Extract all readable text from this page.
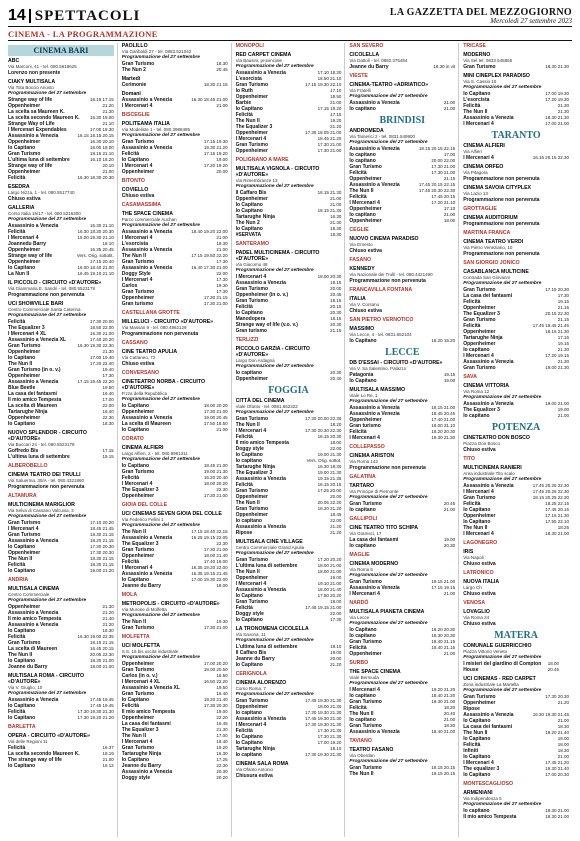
14 SPETTACOLI	LA GAZZETTA DEL MEZZOGIORNO
Mercoledì 27 settembre 2023
CINEMA - LA PROGRAMMAZIONE
CINEMA BARI
ABC
Via Marconi, 41 - tel. 080.5618625
Lorenzo non presente
CIAKY MULTISALA
Via Tota Boccio Ariosto
Programmazione del 27 settembre
Strange way of life	16.15 17.15
Oppenheimer	21.20
La scelta sa Maureen K.	21.30
La scelta secondo Maureen K. 16.30 19.00
Strange Way of Life	21.10
I Mercenari Expendables	17.00 19.30
Assassinio a Venezia	16.15 18.15 20.15
Oppenheimer	16.30 20.10
Io Capitano	16.00 18.00
Gran Turismo	18.15 21.10
L'ultima luna di settembre	16.10 18.20
Strange way of life	20.10
Oppenheimer	21.00
Felicità	16.30 18.30 20.30
ESEDRA
Largo Nizza, 1 - tel. 080.5517740
Chiuso estiva
GALLERIA
Corso Italia 15/17 - tel. 080.5216300
Programmazione del 27 settembre
Assassinio a Venezia	16.30 21.10
Felicità	16.30 18.30 20.30
I Mercenari 4	15.00 19.30 21.10
Joannedu Barry	18.10
Oppenheimer	16.35 20.45
Strange way of life	Vers. Orig. sottotit.
Oppenheimer	17.15 20.40
Io Capitano	16.00 18.40 21.00
La Nun II	16.45 19.10 21.10
IL PICCOLO - CIRCUITO «D'AUTORE»
Via Giammaria E. Sandri - tel. 080.5523178
Programmazione non pervenuta
UCI SHOWVILLE BARI
Centro Commerciale Santa Caterina
Programmazione del 27 settembre
Felicità	17.30 20.00
The Equalizer 3	18.50 22.00
I Mercenari 4 XL	16.30 21.00
Assassinio a Venezia XL	17.40 20.20
Gran Turismo	16.30 19.30 22.30
Oppenheimer	21.30
Io Capitano	17.00 19.40
The Nun II	17.20 22.40
Gran Turismo (in o. v.)	19.40
Oppenheimer	17.30
Assassinio a Venezia	17.15 19.45 22.20
Blue Beetle	19.50
La casa dei fantasmi	16.40
Il mio amico Tempesta	17.00
La scelta di Maureen	22.00
Tartarughe Ninja	16.40
Oppenheimer	22.30
Io Capitano	18.30
NUOVO SPLENDOR - CIRCUITO «D'AUTORE»
Via Buccari 24 - tel. 080.5523178
Goffredo Bis	17.15
L'ultima luna di settembre	19.15
ALBEROBELLO
CINEMA TEATRO DEI TRULLI
Via Saluerma, 30/A - tel. 080.4321860
Programmazione non pervenuta
ALTAMURA
MULTICINEMA MARIGLIOR
Via Selva di Cassano Valcuvia, 3
Programmazione del 27 settembre
Gran Turismo	17.10 20.20
I Mercenari 4	18.45 21.45
Gran Turismo	18.30 21.15
Assassinio a Venezia	18.20 21.15
Io Capitano	17.30 20.30
Oppenheimer	17.30 20.30
The Nun II	18.30 21.15
Felicità	18.30 21.15
Io Capitano	19.00 21.20
ANDRIA
MULTISALA CINEMA
Centro Commerciale
Programmazione del 27 settembre
Oppenheimer	21.30
Assassinio a Venezia	21.20
Il mio amico Tempesta	21.40
Assassinio a Venezia	21.20
Io Capitano	18.30
Felicità	16.30 19.00 22.35
Gran Turismo	18.15 21.15
La scelta di Maureen	16.45 20.15
The Nun II	20.05 22.30
Io Capitano	18.30 21.00
Joanne du Barry	18.00 21.00
MULTISALA ROMA - CIRCUITO «D'AUTORE»
Via V. Giuglio, 10
Programmazione del 27 settembre
Assassinio a Venezia	17.45 19.45
Io Capitano	17.45 19.45
Felicità	17.30 19.30 21.30
Io Capitano	17.30 19.20 21.20
BARLETTA
OPERA - CIRCUITO «D'AUTORE»
Via delle Regioni 11
Felicità	16.37
La scelta secondo Maureen K.	18.19
The strange way of life	21.00
Io Capitano	16.12
PAOLILLO
Via Garibaldi 27 - tel. 0883.521042
Programmazione del 27 settembre
Gran Turismo	18.30
The Nun 2	20.45
Martedì
Cerimonie	18.30 21.15
Domani
Assassinio a Venezia	16.30 18.45 21.00
I Mercenari 4	21.00
BISCEGLIE
POLITEAMA ITALIA
Via Modeliste 1 - tel. 080.3988485
Programmazione del 27 settembre
Gran Turismo	17.15 19.30
Assassinio a Venezia	19.30 21.20
Felicità	17.15 19.20
Io Capitano	19.00
I Mercenari 4	17.20 19.20
Oppenheimer	20.00
BITONTO
COVIELLO
Chiuso estiva
CASAMASSIMA
THE SPACE CINEMA
Parco commerciale Auchan
Programmazione del 27 settembre
Assassinio a Venezia	18.40 19.20 22.00
I Mercenari 4	21.00
L'esorcista	18.30
Assassinio a Venezia	21.00
The Nun II	17.15 19.50 22.20
Gran Turismo	17.30
Assassinio a Venezia	16.40 17.30 21.00
Doggy Style	22.00
I Mercenari 4	17.30
Carlos	19.30
Gran Turismo	17.30
Oppenheimer	17.30 21.15
Gran turismo	17.30 21.00
CASTELLANA GROTTE
MILLELUCI - CIRCUITO «D'AUTORE»
Via Massari 9 - tel. 080.4962129
Programmazione non pervenuta
CASSANO
CINE TEATRO APULIA
Via Cattaneo, 72
Chiuso estiva
CONVERSANO
CINETEATRO NORBA - CIRCUITO «D'AUTORE»
P.zza della Repubblica
Programmazione del 27 settembre
Io Capitano	18.00 20.20
Oppenheimer	17.30 21.00
Assassinio a Venezia	19.00 20.45
La scelta di Maureen	17.50 18.50
Io Capitano	21.00
CORATO
CINEMA ALFIERI
Largo Alfieri, 2 - tel. 080.8981311
Programmazione del 27 settembre
Io Capitano	18.45 21.00
Gran Turismo	19.00 21.30
Felicità	16.20 20.40
I Mercenari 4	18.00 20.20
The Equalizer 3	22.30
Oppenheimer	17.30 21.00
GIOIA DEL COLLE
UCI CINEMAS SEVEN GIOIA DEL COLLE
Via Federico Fellini 1
Programmazione del 27 settembre
The Nun II	17.15 18.40 22.15
Assassinio a Venezia	16.25 19.15 22.05
The Equalizer 3	22.30
Gran Turismo	17.30 21.00
Oppenheimer	18.00 21.40
Felicità	17.40 19.00
I Mercenari 4	16.35 19.20 22.00
Assassinio a Venezia	16.35 19.15 21.45
Io Capitano	17.00 19.30 22.00
Jeanne du Barry	18.00
MOLA
METROPOLIS - CIRCUITO «D'AUTORE»
Via Murone di Molfetta
Programmazione del 27 settembre
The Nun II	19.30
Gran Turismo	17.30 21.00
MOLFETTA
UCI MOLFETTA
S.S. 16 bis uscita industriale
Programmazione del 27 settembre
Oppenheimer	17.00 20.20
Gran Turismo	18.00 20.50
Carlos (in o. v.)	16.50
I Mercenari 4 XL	16.50 22.20
Assassinio a Venezia XL	19.50
Gran Turismo	16.40
Io Capitano	19.20 21.40
Felicità	17.30 20.30
Il mio amico Tempesta	19.00
Oppenheimer	22.20
La casa dei fantasmi	16.45
The Equalizer 3	21.30
The Nun II	17.00
I Mercenari 4	18.40
Gran Turismo	19.20
Tartarughe Ninja	16.30
Io Capitano	17.25
Jeanne du Barry	22.30
Assassinio a Venezia	20.30
Doggy style	20.20
MONOPOLI
RED CARPET CINEMA
Via Bausini, provinciale
Programmazione del 27 settembre
Assassinio a Venezia	17.10 18.30
L'esorcista	18.50 21.10
Gran Turismo	17.15 19.30 22.10
Io Ruth	17.10
Oppenheimer	18.50
Barbie	21.00
Io Capitano	17.15 19.20
Felicità	17.15
The Nun II	19.20
The Equalizer 3	21.20
Oppenheimer	17.35 18.05 21.00
I Mercenari 4	18.45 21.20
Gran Turismo	17.30 21.00
Oppenheimer	17.30 21.00
POLIGNANO A MARE
MULTISALA VIGNOLA - CIRCUITO «D'AUTORE»
Via Rimembranze 13
Programmazione del 27 settembre
Il Caffaro Bis	18.15 21.30
Oppenheimer	21.00
Io Capitano	21.00
Io Capitano	18.15 21.30
Tartarughe Ninja	16.30
The Nun 2	21.30
Io Capitano	18.30
#SERVATA	18.30
SANTERAMO
PADEL MULTICINEMA - CIRCUITO «D'AUTORE»
Via Giacomo 48
Programmazione del 27 settembre
I Mercenari 4	18.00 20.30
Assassinio a Venezia	19.15
Gran Turismo	20.00
Oppenheimer (in o. v.)	20.45
Gran Turismo	18.15
Felicità	20.15
Io Capitano	20.30
Manodopera	18.15
Strange way of life (v.o. v.)	20.30
Gran turismo	21.15
TERLIZZI
PICCOLO GARZIA - CIRCUITO «D'AUTORE»
Largo Don Ardagna
Programmazione del 27 settembre
Io capitano	20.30
Oppenheimer	20.40
FOGGIA
CITTÀ DEL CINEMA
Viale Ofanto - tel. 0881.652322
Programmazione del 27 settembre
Gran Turismo	17.30 20.00 22.30
The Nun II	18.20
I Mercenari 4	17.30 20.30 22.30
Felicità	18.15 20.30
Il mio amico Tempesta	18.00
Doggy style	22.00
Io Capitano	19.00 21.30
Io capitano	Vers. Orig. sottot.
Tartarughe Ninja	16.30 18.30
The Equalizer 3	19.00 21.30
Assassinio a Venezia	19.15 21.35
Felicità	18.15 20.15
Gran Turismo	17.25 20.00
Oppenheimer	20.00
The Nun II	20.05 22.20
Gran Turismo	18.20 21.20
Oppenheimer	18.45
Io capitano	22.00
Assassinio a Venezia	21.20
Ripose	21.20
MULTISALA CINE VILLAGE
Centro Commerciale Grand Apulia
Programmazione del 27 settembre
Gran Turismo	17.20 20.20
L'ultima luna di settembre	18.00 21.00
The Nun II	18.00 21.00
Oppenheimer	19.00
I Mercenari 4	19.10 21.00
Assassinio a Venezia	18.00 21.40
Io Capitano	17.50 20.20
Gran Turismo	18.00
Felicità	17.45 19.15 21.00
Doggy style	22.00
Io Capitano	17.30
LA TRONOMENA CICOLELLA
Via Savona, 11
Programmazione del 27 settembre
L'ultima luna di settembre	19.10
Il Caffaro Bis	19.00
Jeanne du Barry	20.00
Io Capitano	21.20
CERIGNOLA
CINEMA ALORENZO
Corso Roma, 7
Programmazione del 27 settembre
Gran Turismo	17.45 19.30 21.30
Oppenheimer	18.00 21.30
Io capitano	17.30 19.30 21.30
Assassinio a Venezia	17.45 19.30 21.30
I Mercenari 4	17.30 19.30 21.30
Felicità	17.30 21.30
Io Capitano	17.30 21.30
Io Capitano	17.00 19.20
Tartarughe Ninja	18.10
Io capitano	17.30 19.30 21.30
CINEMA SALA ROMA
Via Ofanto Antonio
Chiusura estiva
SAN SEVERO
CICOLELLA
Via Dattoli - tel. 0882.375484
Jeanne du Barry	18.30 in vit
VIESTE
CINEMA-TEATRO «ADRIATICO»
Via Fratelli
Programmazione del 27 settembre
Assassinio a Venezia	21.00
Io capitano	21.00
BRINDISI
ANDROMEDA
Via Tamerici 2 - tel. 0831.549900
Programmazione del 27 settembre
Assassinio a Venezia	18.15 20.15 22.15
Io capitano	17.00
Io capitano	20.00 22.00
Gran Turismo	17.30 21.00
Felicità	17.30 21.00
Oppenheimer	21.15
Assassinio a Venezia	17.45 20.15 22.15
The Nun II	17.45 20.30 22.30
Felicità	17.45 20.15
I Mercenari 4	17.20 21.10
Oppenheimer	17.10
Io capitano	21.00
Oppenheimer	18.00
CEGLIE
NUOVO CINEMA PARADISO
Via Ernesto
Chiuso estiva
FASANO
KENNEDY
Via Nazionale dei Trulli - tel. 080.4421490
Programmazione non pervenuta
FRANCAVILLA FONTANA
ITALIA
Via V. Corsano
Chiuso estiva
SAN PIETRO VERNOTICO
MASSIMO
Via Lecce, 4 - tel. 0831.652104
Io Capitano	18.20 15.20
LECCE
DB D'ESSAI - CIRCUITO «D'AUTORE»
Via V. Sa Salentino, Palazzo
Patagonia	19.15
Io Capitano	19.00
MULTISALA MASSIMO
Viale Lo Re, 1
Programmazione del 27 settembre
Assassinio a Venezia	18.15 21.00
Assassinio a Venezia	18.45 20.45
Oppenheimer	17.40 21.00
Gran turismo	18.00 21.10
Felicità	18.20 20.30
I Mercenari 4	18.30 21.30
COLLEPASSO
CINEMA ARISTON
Via Roma 142
Programmazione non pervenuta
GALATINA
TARTARO
Via Principe di Piemonte
Programmazione del 27 settembre
Gran Turismo	20.45
Io capitano	21.00
GALLIPOLI
CINE TEATRO TITO SCHIPA
Via Gramsci, 17
La casa dei fantasmi	19.00
Io capitano	20.30
MAGLIE
CINEMA MODERNO
Via Roma 5
Programmazione del 27 settembre
Gran Turismo	18.15 21.00
Assassinio a Venezia	17.15 19.15
I Mercenari 4	21.00
NARDÒ
MULTISALA PIANETA CINEMA
Via Lecce
Programmazione del 27 settembre
Io Capitano	18.20 20.30
Io capitano	18.30 20.30
Gran Turismo	18.40 21.15
Felicità	18.40 21.15
Oppenheimer	21.00
SURBO
THE SPACE CINEMA
Viale Bermuda
Programmazione del 27 settembre
I Mercenari 4	19.20 21.20
Io capitano	18.40 21.20
Gran Turismo	18.30 21.00
Felicità	18.20
The Nun II	20.40
Io capitano	21.00
Gran Turismo	18.30
Assassinio a Venezia	18.40 21.00
TAVIANO
TEATRO FASANO
Via Oberdan
Programmazione del 27 settembre
Gran Turismo	18.15 20.15
The Nun II	18.15 20.15
TRICASE
MODERNO
Via Sel tel. 0833.545855
Gran Turismo	18.30 21.30
MINI CINEPLEX PARADISO
Via S. Cassio 15
Programmazione del 27 settembre
Io Capitano	17.00 19.30
L'esorcista	17.20 19.30
Felicità	21.30
The Nun II	21.30
Assassinio a Venezia	18.30 21.30
I Mercenari 4	17.00 21.00
TARANTO
CINEMA ALFIERI
Via Alfieri
I Mercenari 4	16.15 20.15 22.30
CINEMA ORFEO
Via Pitagora
Programmazione non pervenuta
CINEMA SAVOIA CITYPLEX
Via Lazio 13
Programmazione non pervenuta
GROTTAGLIE
CINEMA AUDITORIUM
Programmazione non pervenuta
MARTINA FRANCA
CINEMA TEATRO VERDI
Via Pietro Veneziano, 10
Programmazione non pervenuta
SAN GIORGIO JONICO
CASABLANCA MULTICINE
Contrada San Giovanni
Programmazione del 27 settembre
Gran Turismo	17.15 20.30
La casa dei fantasmi	17.30
Felicità	19.15
Oppenheimer	21.15
The Equalizer 3	20.15 22.30
Gran Turismo	21.15
Felicità	17.45 19.45 21.45
Oppenheimer	18.15 21.30
Tartarughe Ninja	17.15
Oppenheimer	19.15
Io capitano	21.30
I Mercenari 4	17.20 19.15
Assassinio a Venezia	21.30
Gran Turismo	19.00 21.30
SAVA
CINEMA VITTORIA
Via Roma 12
Programmazione del 27 settembre
Assassinio a Venezia	19.00 21.00
The Equalizer 3	19.00
Io capitano	21.00
POTENZA
CINETEATRO DON BOSCO
Piazza Don Bosco
Chiuso estiva
TITO
MULTICINEMA RANIERI
Area industriale Tito scalo
Programmazione del 27 settembre
Assassinio a Venezia	17.45 20.25 22.30
I Mercenari 4	17.45 20.25 22.30
Gran Turismo	18.15 20.25 22.30
Felicità	18.25 22.15
Io Capitano	17.45 20.15
Oppenheimer	17.15 21.30
Io Capitano	17.55 22.10
The Nun II	18.25
I Mercenari 4	18.30 21.00
LAGONEGRO
IRIS
Via Napoli
Chiuso estiva
LATRONICO
NUOVA ITALIA
Largo Ch
Chiuso estiva
VENOSA
LOVAGLIO
Via Roma 24
Chiuso estiva
MATERA
COMUNALE GUERRICCHIO
Piazza Vittorio Veneto
Programmazione del 27 settembre
I misteri del giardino di Compton House
18.00 20.45
UCI CINEMAS - RED CARPET
Zona industriale La Martella
Programmazione del 27 settembre
Gran Turismo	17.30 20.30
Oppenheimer	21.20
Ripose
Assassinio a Venezia	16.30 19.30 21.45
Io Capitano	21.00
La casa dei fantasmi	18.30
The Nun II	19.20 21.40
Io Capitano	18.00
Felicità	18.00
Infiniti	18.30
Io Capitano	21.00
I Mercenari 4	17.45 21.20
The equalizer 3	19.30 21.40
Io Capitano	17.00 20.30
MONTESCAGLIOSO
ARMENIANI
Via Indipendenza 5
Programmazione del 27 settembre
Io capitano	18.30 21.00
Il mio amico Tempesta	18.30 21.00
